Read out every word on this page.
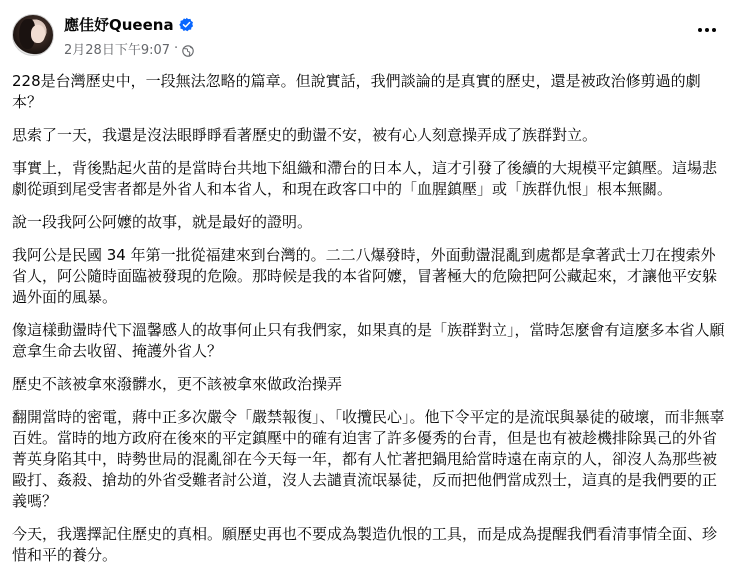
應佳妤Queena
2月28日下午9:07 ·

228是台灣歷史中，一段無法忽略的篇章。但說實話，我們談論的是真實的歷史，還是被政治修剪過的劇本？

思索了一天，我還是沒法眼睜睜看著歷史的動盪不安，被有心人刻意操弄成了族群對立。

事實上，背後點起火苗的是當時台共地下組織和滯台的日本人，這才引發了後續的大規模平定鎮壓。這場悲劇從頭到尾受害者都是外省人和本省人，和現在政客口中的「血腥鎮壓」或「族群仇恨」根本無關。

說一段我阿公阿嬤的故事，就是最好的證明。

我阿公是民國 34 年第一批從福建來到台灣的。二二八爆發時，外面動盪混亂到處都是拿著武士刀在搜索外省人，阿公隨時面臨被發現的危險。那時候是我的本省阿嬤，冒著極大的危險把阿公藏起來，才讓他平安躲過外面的風暴。

像這樣動盪時代下溫馨感人的故事何止只有我們家，如果真的是「族群對立」，當時怎麼會有這麼多本省人願意拿生命去收留、掩護外省人？

歷史不該被拿來潑髒水，更不該被拿來做政治操弄

翻開當時的密電，蔣中正多次嚴令「嚴禁報復」、「收攬民心」。他下令平定的是流氓與暴徒的破壞，而非無辜百姓。當時的地方政府在後來的平定鎮壓中的確有迫害了許多優秀的台青，但是也有被趁機排除異己的外省菁英身陷其中，時勢世局的混亂卻在今天每一年，都有人忙著把鍋甩給當時遠在南京的人，卻沒人為那些被毆打、姦殺、搶劫的外省受難者討公道，沒人去譴責流氓暴徒，反而把他們當成烈士，這真的是我們要的正義嗎？

今天，我選擇記住歷史的真相。願歷史再也不要成為製造仇恨的工具，而是成為提醒我們看清事情全面、珍惜和平的養分。
